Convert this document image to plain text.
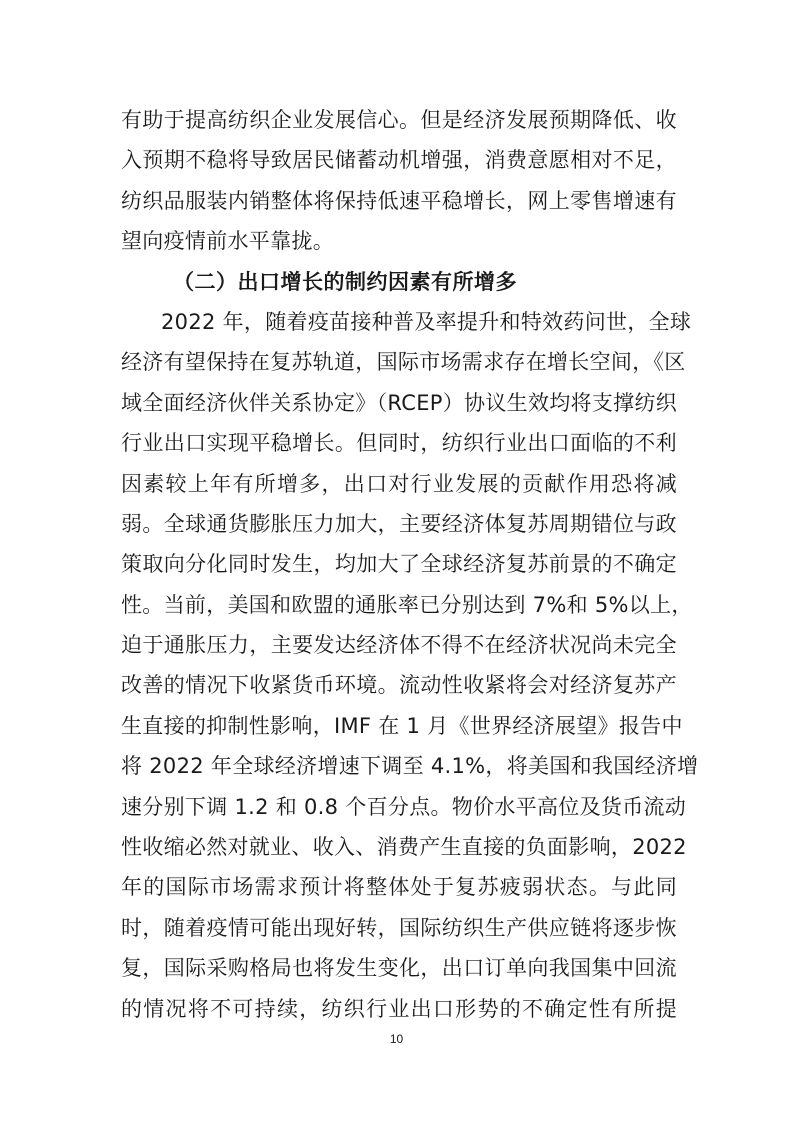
有助于提高纺织企业发展信心。但是经济发展预期降低、收
入预期不稳将导致居民储蓄动机增强，消费意愿相对不足，
纺织品服装内销整体将保持低速平稳增长，网上零售增速有
望向疫情前水平靠拢。
（二）出口增长的制约因素有所增多
2022 年，随着疫苗接种普及率提升和特效药问世，全球
经济有望保持在复苏轨道，国际市场需求存在增长空间，《区
域全面经济伙伴关系协定》（RCEP）协议生效均将支撑纺织
行业出口实现平稳增长。但同时，纺织行业出口面临的不利
因素较上年有所增多，出口对行业发展的贡献作用恐将减
弱。全球通货膨胀压力加大，主要经济体复苏周期错位与政
策取向分化同时发生，均加大了全球经济复苏前景的不确定
性。当前，美国和欧盟的通胀率已分别达到 7%和 5%以上，
迫于通胀压力，主要发达经济体不得不在经济状况尚未完全
改善的情况下收紧货币环境。流动性收紧将会对经济复苏产
生直接的抑制性影响，IMF 在 1 月《世界经济展望》报告中
将 2022 年全球经济增速下调至 4.1%，将美国和我国经济增
速分别下调 1.2 和 0.8 个百分点。物价水平高位及货币流动
性收缩必然对就业、收入、消费产生直接的负面影响，2022
年的国际市场需求预计将整体处于复苏疲弱状态。与此同
时，随着疫情可能出现好转，国际纺织生产供应链将逐步恢
复，国际采购格局也将发生变化，出口订单向我国集中回流
的情况将不可持续，纺织行业出口形势的不确定性有所提
10
